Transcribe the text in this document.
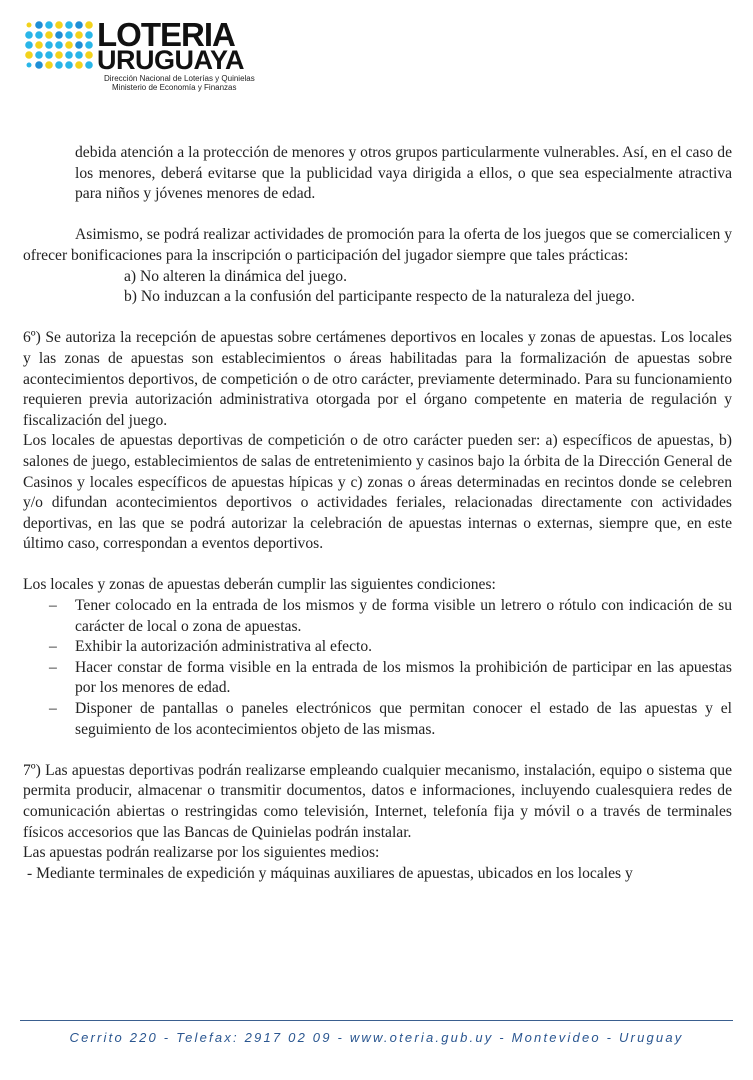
LOTERIA
URUGUAYA
Dirección Nacional de Loterías y Quinielas
Ministerio de Economía y Finanzas

debida atención a la protección de menores y otros grupos particularmente vulnerables. Así, en el caso de los menores, deberá evitarse que la publicidad vaya dirigida a ellos, o que sea especialmente atractiva para niños y jóvenes menores de edad.

Asimismo, se podrá realizar actividades de promoción para la oferta de los juegos que se comercialicen y ofrecer bonificaciones para la inscripción o participación del jugador siempre que tales prácticas:

a) No alteren la dinámica del juego.
b) No induzcan a la confusión del participante respecto de la naturaleza del juego.

6º) Se autoriza la recepción de apuestas sobre certámenes deportivos en locales y zonas de apuestas. Los locales y las zonas de apuestas son establecimientos o áreas habilitadas para la formalización de apuestas sobre acontecimientos deportivos, de competición o de otro carácter, previamente determinado. Para su funcionamiento requieren previa autorización administrativa otorgada por el órgano competente en materia de regulación y fiscalización del juego.

Los locales de apuestas deportivas de competición o de otro carácter pueden ser: a) específicos de apuestas, b) salones de juego, establecimientos de salas de entretenimiento y casinos bajo la órbita de la Dirección General de Casinos y locales específicos de apuestas hípicas y c) zonas o áreas determinadas en recintos donde se celebren y/o difundan acontecimientos deportivos o actividades feriales, relacionadas directamente con actividades deportivas, en las que se podrá autorizar la celebración de apuestas internas o externas, siempre que, en este último caso, correspondan a eventos deportivos.

Los locales y zonas de apuestas deberán cumplir las siguientes condiciones:

– Tener colocado en la entrada de los mismos y de forma visible un letrero o rótulo con indicación de su carácter de local o zona de apuestas.
– Exhibir la autorización administrativa al efecto.
– Hacer constar de forma visible en la entrada de los mismos la prohibición de participar en las apuestas por los menores de edad.
– Disponer de pantallas o paneles electrónicos que permitan conocer el estado de las apuestas y el seguimiento de los acontecimientos objeto de las mismas.

7º) Las apuestas deportivas podrán realizarse empleando cualquier mecanismo, instalación, equipo o sistema que permita producir, almacenar o transmitir documentos, datos e informaciones, incluyendo cualesquiera redes de comunicación abiertas o restringidas como televisión, Internet, telefonía fija y móvil o a través de terminales físicos accesorios que las Bancas de Quinielas podrán instalar.

Las apuestas podrán realizarse por los siguientes medios:

- Mediante terminales de expedición y máquinas auxiliares de apuestas, ubicados en los locales y

Cerrito 220 - Telefax: 2917 02 09 - www.oteria.gub.uy - Montevideo - Uruguay
